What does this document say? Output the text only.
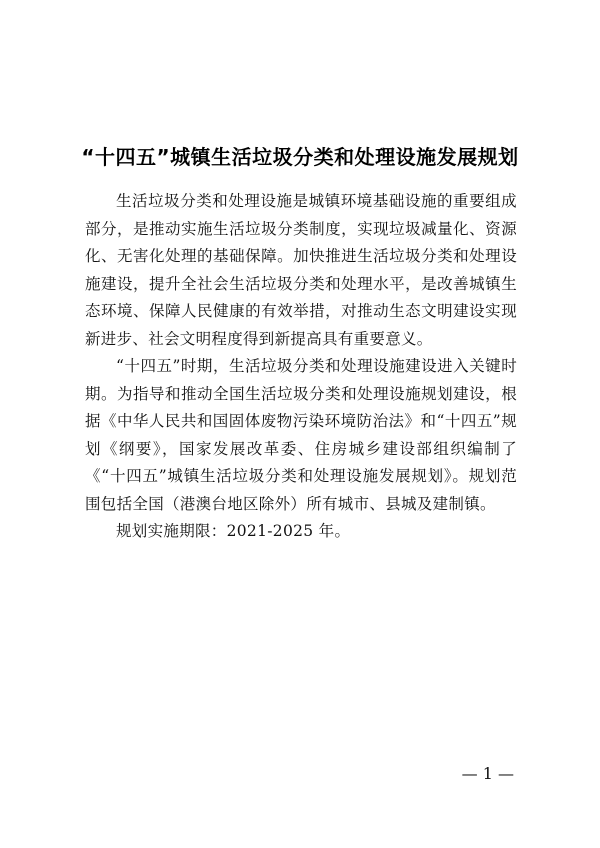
“十四五”城镇生活垃圾分类和处理设施发展规划

生活垃圾分类和处理设施是城镇环境基础设施的重要组成部分，是推动实施生活垃圾分类制度，实现垃圾减量化、资源化、无害化处理的基础保障。加快推进生活垃圾分类和处理设施建设，提升全社会生活垃圾分类和处理水平，是改善城镇生态环境、保障人民健康的有效举措，对推动生态文明建设实现新进步、社会文明程度得到新提高具有重要意义。

“十四五”时期，生活垃圾分类和处理设施建设进入关键时期。为指导和推动全国生活垃圾分类和处理设施规划建设，根据《中华人民共和国固体废物污染环境防治法》和“十四五”规划《纲要》，国家发展改革委、住房城乡建设部组织编制了《“十四五”城镇生活垃圾分类和处理设施发展规划》。规划范围包括全国（港澳台地区除外）所有城市、县城及建制镇。

规划实施期限：2021-2025 年。

— 1 —
